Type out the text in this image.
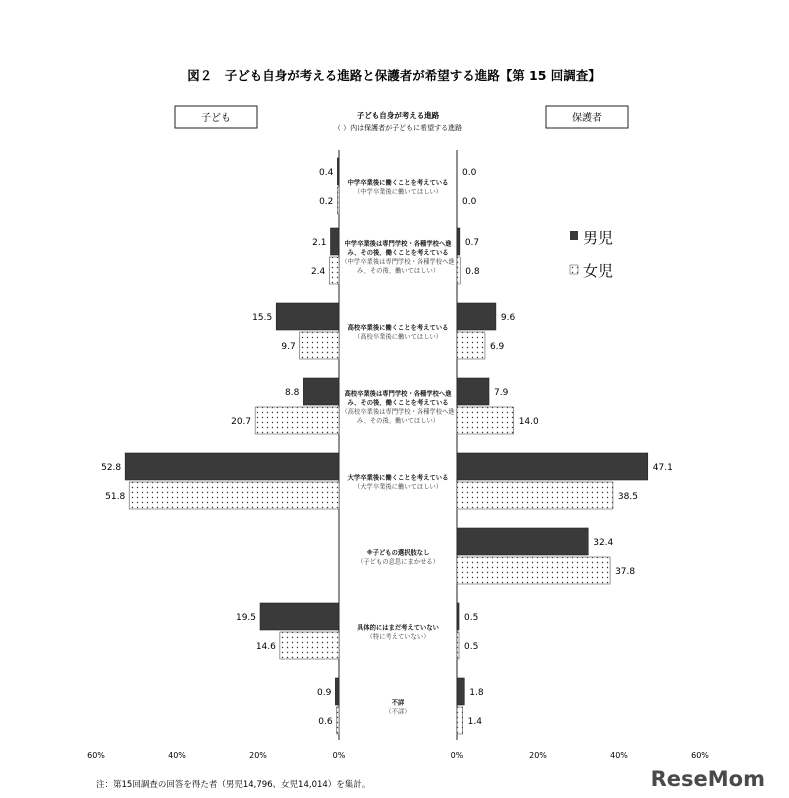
図２　子ども自身が考える進路と保護者が希望する進路【第 15 回調査】
子ども	保護者
子ども自身が考える進路
（ ）内は保護者が子どもに希望する進路
中学卒業後に働くことを考えている
（中学卒業後に働いてほしい）
中学卒業後は専門学校・各種学校へ進
み、その後、働くことを考えている
（中学卒業後は専門学校・各種学校へ進
み、その後、働いてほしい）
高校卒業後に働くことを考えている
（高校卒業後に働いてほしい）
高校卒業後は専門学校・各種学校へ進
み、その後、働くことを考えている
（高校卒業後は専門学校・各種学校へ進
み、その後、働いてほしい）
大学卒業後に働くことを考えている
（大学卒業後に働いてほしい）
※子どもの選択肢なし
（子どもの意思にまかせる）
具体的にはまだ考えていない
（特に考えていない）
不詳
（不詳）
0.4
0.2
0.0
0.0
2.1
2.4
0.7
0.8
15.5
9.7
9.6
6.9
8.8
20.7
7.9
14.0
52.8
51.8
47.1
38.5
32.4
37.8
19.5
14.6
0.5
0.5
0.9
0.6
1.8
1.4
60%	40%	20%	0%	0%	20%	40%	60%
男児
女児
注：第15回調査の回答を得た者（男児14,796、女児14,014）を集計。	ReseMom
